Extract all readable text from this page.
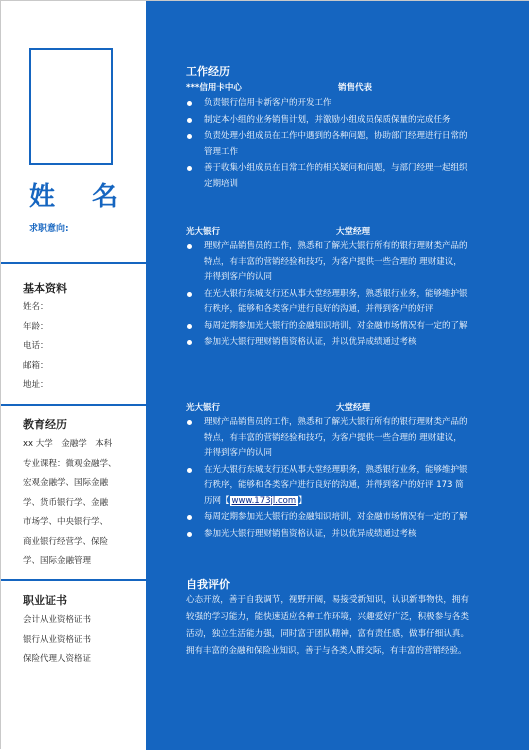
姓 名
求职意向:
基本资料
姓名：
年龄：
电话：
邮箱：
地址：
教育经历
xx 大学　金融学　本科
专业课程：微观金融学、
宏观金融学、国际金融
学、货币银行学、金融
市场学、中央银行学、
商业银行经营学、保险
学、国际金融管理
职业证书
会计从业资格证书
银行从业资格证书
保险代理人资格证
工作经历
***信用卡中心	销售代表
负责银行信用卡新客户的开发工作
制定本小组的业务销售计划，并激励小组成员保质保量的完成任务
负责处理小组成员在工作中遇到的各种问题，协助部门经理进行日常的管理工作
善于收集小组成员在日常工作的相关疑问和问题，与部门经理一起组织定期培训
光大银行	大堂经理
理财产品销售员的工作，熟悉和了解光大银行所有的银行理财类产品的特点，有丰富的营销经验和技巧，为客户提供一些合理的 理财建议，并得到客户的认同
在光大银行东城支行还从事大堂经理职务，熟悉银行业务，能够维护银行秩序，能够和各类客户进行良好的沟通，并得到客户的好评
每周定期参加光大银行的金融知识培训，对金融市场情况有一定的了解
参加光大银行理财销售资格认证，并以优异成绩通过考核
光大银行	大堂经理
理财产品销售员的工作，熟悉和了解光大银行所有的银行理财类产品的特点，有丰富的营销经验和技巧，为客户提供一些合理的 理财建议，并得到客户的认同
在光大银行东城支行还从事大堂经理职务，熟悉银行业务，能够维护银行秩序，能够和各类客户进行良好的沟通，并得到客户的好评 173 简历网【 www.173jl.com 】
每周定期参加光大银行的金融知识培训，对金融市场情况有一定的了解
参加光大银行理财销售资格认证，并以优异成绩通过考核
自我评价
心态开放，善于自我调节，视野开阔，易接受新知识，认识新事物快，拥有较强的学习能力，能快速适应各种工作环境，兴趣爱好广泛，积极参与各类活动，独立生活能力强，同时富于团队精神，富有责任感，做事仔细认真。拥有丰富的金融和保险业知识，善于与各类人群交际，有丰富的营销经验。
